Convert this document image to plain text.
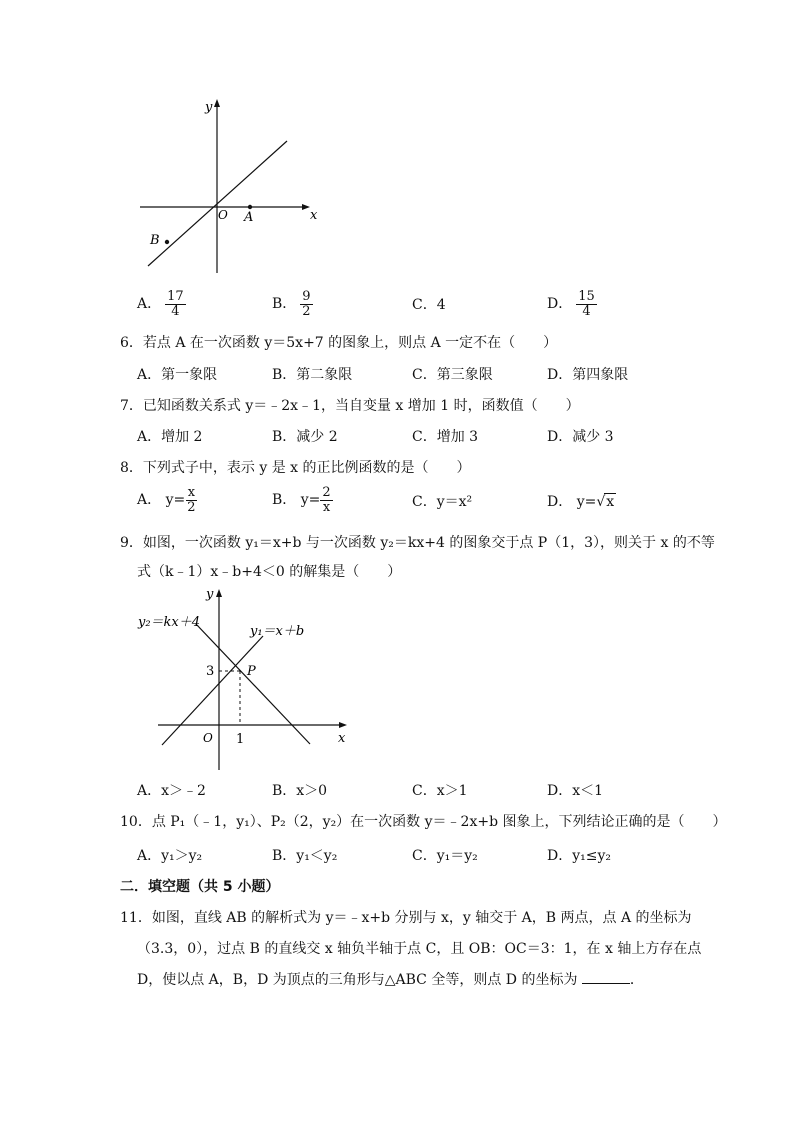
y
x
O A
B
A． $\frac{17}{4}$	B． $\frac{9}{2}$	C．4	D． $\frac{15}{4}$
6．若点 A 在一次函数 y＝5x+7 的图象上，则点 A 一定不在（　　）
A．第一象限	B．第二象限	C．第三象限	D．第四象限
7．已知函数关系式 y＝﹣2x﹣1，当自变量 x 增加 1 时，函数值（　　）
A．增加 2	B．减少 2	C．增加 3	D．减少 3
8．下列式子中，表示 y 是 x 的正比例函数的是（　　）
A． $y= \frac{x}{2}$	B． $y= \frac{2}{x}$	C．y＝x²	D． y=√x
9．如图，一次函数 y₁＝x+b 与一次函数 y₂＝kx+4 的图象交于点 P（1，3），则关于 x 的不等
式（k﹣1）x﹣b+4＜0 的解集是（　　）
y₂＝kx＋4
y₁＝x＋b
y
x
O
P
3
1
A．x＞﹣2	B．x＞0	C．x＞1	D．x＜1
10．点 P₁（﹣1，y₁）、P₂（2，y₂）在一次函数 y＝﹣2x+b 图象上，下列结论正确的是（　　）
A．y₁＞y₂	B．y₁＜y₂	C．y₁＝y₂	D．y₁≤y₂
二．填空题（共 5 小题）
11．如图，直线 AB 的解析式为 y＝﹣x+b 分别与 x，y 轴交于 A，B 两点，点 A 的坐标为
（3.3，0），过点 B 的直线交 x 轴负半轴于点 C，且 OB：OC＝3：1，在 x 轴上方存在点
D，使以点 A，B，D 为顶点的三角形与△ABC 全等，则点 D 的坐标为	．
